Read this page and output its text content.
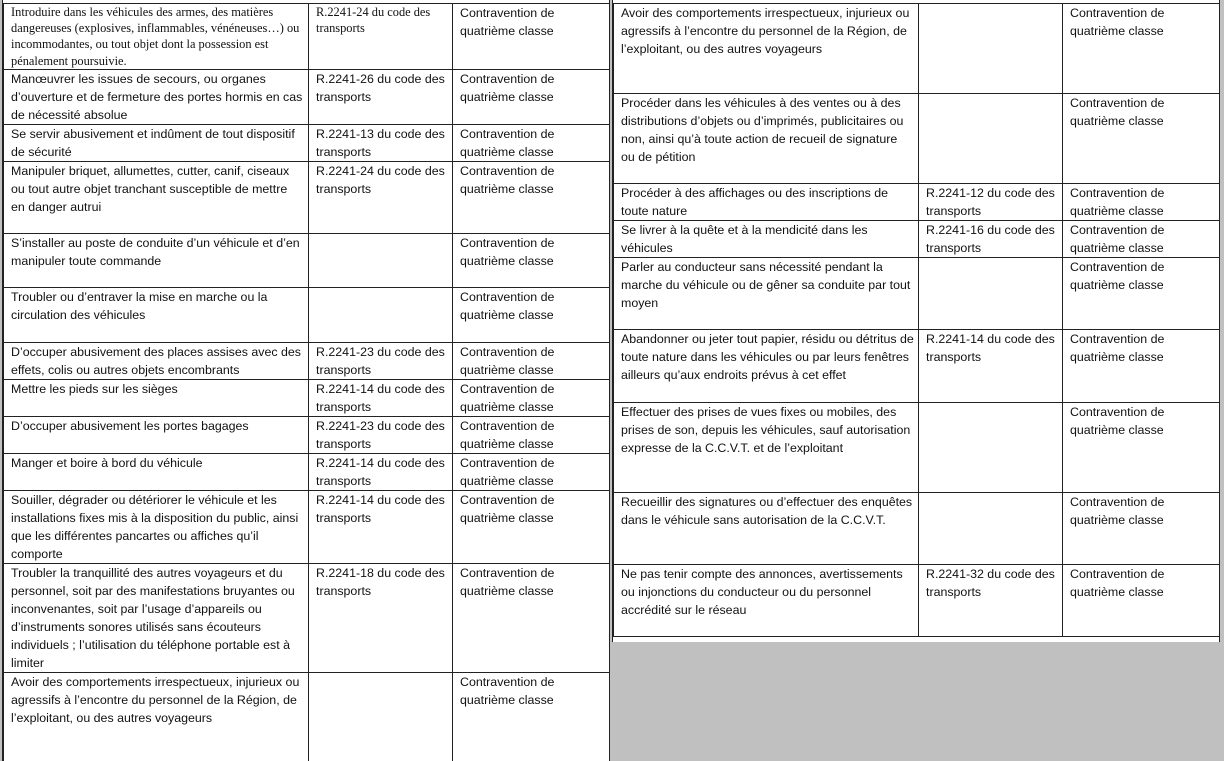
Introduire dans les véhicules des armes, des matières dangereuses (explosives, inflammables, vénéneuses…) ou incommodantes, ou tout objet dont la possession est pénalement poursuivie.	R.2241-24 du code des transports	Contravention de quatrième classe
Manœuvrer les issues de secours, ou organes d’ouverture et de fermeture des portes hormis en cas de nécessité absolue	R.2241-26 du code des transports	Contravention de quatrième classe
Se servir abusivement et indûment de tout dispositif de sécurité	R.2241-13 du code des transports	Contravention de quatrième classe
Manipuler briquet, allumettes, cutter, canif, ciseaux ou tout autre objet tranchant susceptible de mettre en danger autrui	R.2241-24 du code des transports	Contravention de quatrième classe
S’installer au poste de conduite d’un véhicule et d’en manipuler toute commande		Contravention de quatrième classe
Troubler ou d’entraver la mise en marche ou la circulation des véhicules		Contravention de quatrième classe
D’occuper abusivement des places assises avec des effets, colis ou autres objets encombrants	R.2241-23 du code des transports	Contravention de quatrième classe
Mettre les pieds sur les sièges	R.2241-14 du code des transports	Contravention de quatrième classe
D’occuper abusivement les portes bagages	R.2241-23 du code des transports	Contravention de quatrième classe
Manger et boire à bord du véhicule	R.2241-14 du code des transports	Contravention de quatrième classe
Souiller, dégrader ou détériorer le véhicule et les installations fixes mis à la disposition du public, ainsi que les différentes pancartes ou affiches qu’il comporte	R.2241-14 du code des transports	Contravention de quatrième classe
Troubler la tranquillité des autres voyageurs et du personnel, soit par des manifestations bruyantes ou inconvenantes, soit par l’usage d’appareils ou d’instruments sonores utilisés sans écouteurs individuels ; l’utilisation du téléphone portable est à limiter	R.2241-18 du code des transports	Contravention de quatrième classe
Avoir des comportements irrespectueux, injurieux ou agressifs à l’encontre du personnel de la Région, de l’exploitant, ou des autres voyageurs		Contravention de quatrième classe
Avoir des comportements irrespectueux, injurieux ou agressifs à l’encontre du personnel de la Région, de l’exploitant, ou des autres voyageurs		Contravention de quatrième classe
Procéder dans les véhicules à des ventes ou à des distributions d’objets ou d’imprimés, publicitaires ou non, ainsi qu’à toute action de recueil de signature ou de pétition		Contravention de quatrième classe
Procéder à des affichages ou des inscriptions de toute nature	R.2241-12 du code des transports	Contravention de quatrième classe
Se livrer à la quête et à la mendicité dans les véhicules	R.2241-16 du code des transports	Contravention de quatrième classe
Parler au conducteur sans nécessité pendant la marche du véhicule ou de gêner sa conduite par tout moyen		Contravention de quatrième classe
Abandonner ou jeter tout papier, résidu ou détritus de toute nature dans les véhicules ou par leurs fenêtres ailleurs qu’aux endroits prévus à cet effet	R.2241-14 du code des transports	Contravention de quatrième classe
Effectuer des prises de vues fixes ou mobiles, des prises de son, depuis les véhicules, sauf autorisation expresse de la C.C.V.T. et de l’exploitant		Contravention de quatrième classe
Recueillir des signatures ou d’effectuer des enquêtes dans le véhicule sans autorisation de la C.C.V.T.		Contravention de quatrième classe
Ne pas tenir compte des annonces, avertissements ou injonctions du conducteur ou du personnel accrédité sur le réseau	R.2241-32 du code des transports	Contravention de quatrième classe
